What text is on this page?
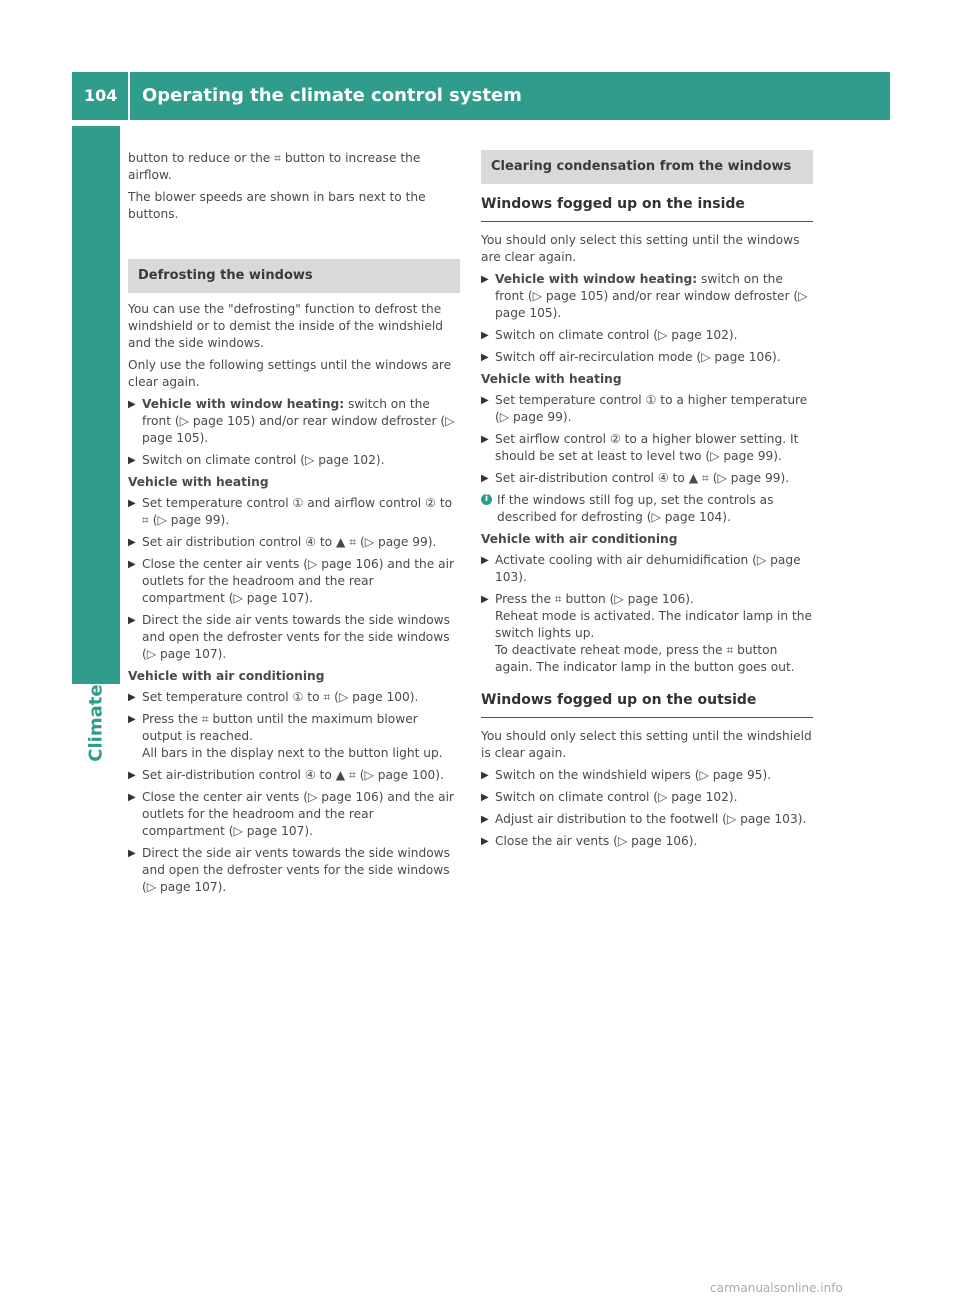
104 Operating the climate control system
Climate control

button to reduce or the ⌗ button to increase the airflow.

The blower speeds are shown in bars next to the buttons.

Defrosting the windows

You can use the "defrosting" function to defrost the windshield or to demist the inside of the windshield and the side windows.

Only use the following settings until the windows are clear again.

▶ Vehicle with window heating: switch on the front (▷ page 105) and/or rear window defroster (▷ page 105).
▶ Switch on climate control (▷ page 102).
Vehicle with heating
▶ Set temperature control ① and airflow control ② to ⌗ (▷ page 99).
▶ Set air distribution control ④ to ▲ ⌗ (▷ page 99).
▶ Close the center air vents (▷ page 106) and the air outlets for the headroom and the rear compartment (▷ page 107).
▶ Direct the side air vents towards the side windows and open the defroster vents for the side windows (▷ page 107).
Vehicle with air conditioning
▶ Set temperature control ① to ⌗ (▷ page 100).
▶ Press the ⌗ button until the maximum blower output is reached.
All bars in the display next to the button light up.
▶ Set air-distribution control ④ to ▲ ⌗ (▷ page 100).
▶ Close the center air vents (▷ page 106) and the air outlets for the headroom and the rear compartment (▷ page 107).
▶ Direct the side air vents towards the side windows and open the defroster vents for the side windows (▷ page 107).
Clearing condensation from the windows
Windows fogged up on the inside

You should only select this setting until the windows are clear again.

▶ Vehicle with window heating: switch on the front (▷ page 105) and/or rear window defroster (▷ page 105).
▶ Switch on climate control (▷ page 102).
▶ Switch off air-recirculation mode (▷ page 106).
Vehicle with heating
▶ Set temperature control ① to a higher temperature (▷ page 99).
▶ Set airflow control ② to a higher blower setting. It should be set at least to level two (▷ page 99).
▶ Set air-distribution control ④ to ▲ ⌗ (▷ page 99).
i If the windows still fog up, set the controls as described for defrosting (▷ page 104).
Vehicle with air conditioning
▶ Activate cooling with air dehumidification (▷ page 103).
▶ Press the ⌗ button (▷ page 106).
Reheat mode is activated. The indicator lamp in the switch lights up.
To deactivate reheat mode, press the ⌗ button again. The indicator lamp in the button goes out.
Windows fogged up on the outside

You should only select this setting until the windshield is clear again.

▶ Switch on the windshield wipers (▷ page 95).
▶ Switch on climate control (▷ page 102).
▶ Adjust air distribution to the footwell (▷ page 103).
▶ Close the air vents (▷ page 106).
carmanualsonline.info
